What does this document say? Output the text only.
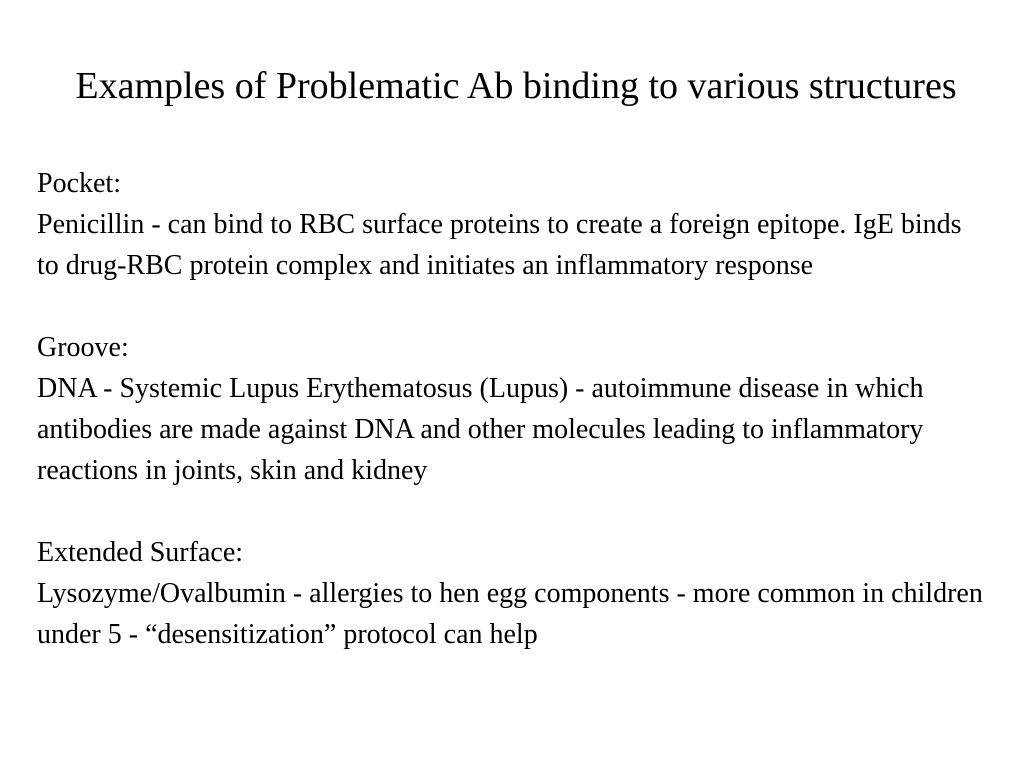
Examples of Problematic Ab binding to various structures
Pocket:
Penicillin - can bind to RBC surface proteins to create a foreign epitope. IgE binds to drug-RBC protein complex and initiates an inflammatory response
Groove:
DNA - Systemic Lupus Erythematosus (Lupus) - autoimmune disease in which antibodies are made against DNA and other molecules leading to inflammatory reactions in joints, skin and kidney
Extended Surface:
Lysozyme/Ovalbumin - allergies to hen egg components - more common in children under 5 - “desensitization” protocol can help
